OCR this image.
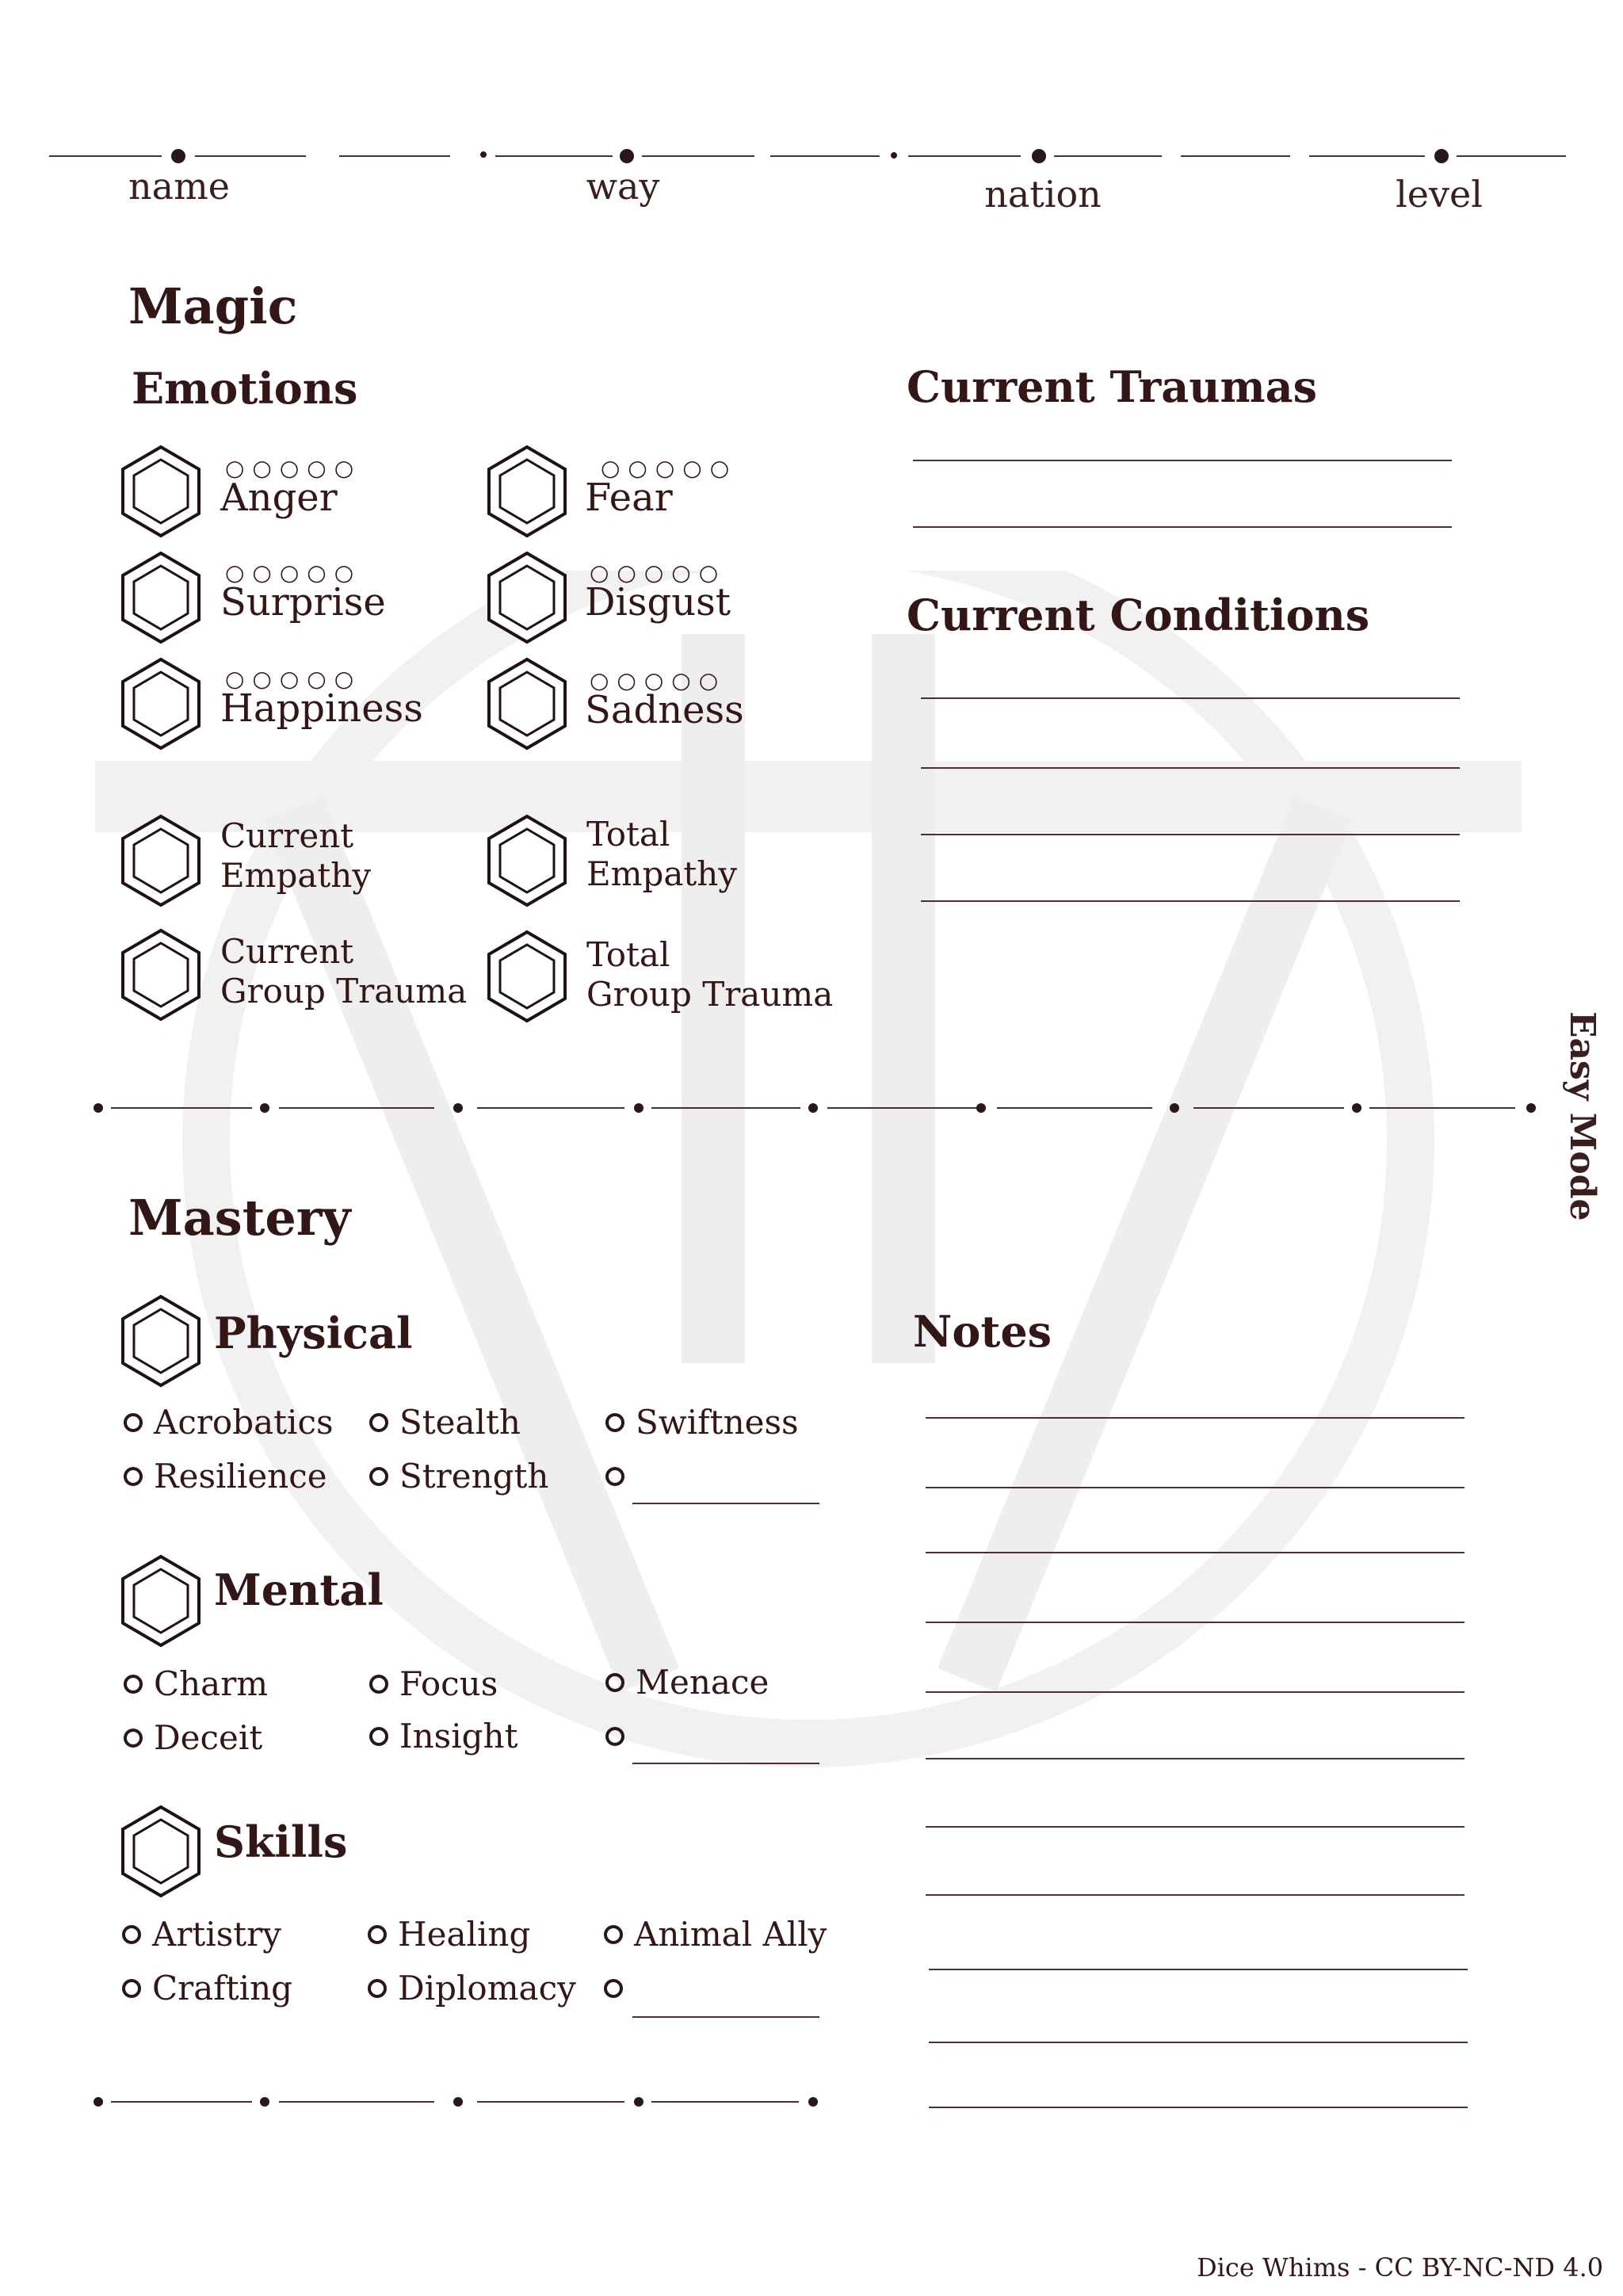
name	way	nation	level
Magic
Emotions
○○○○○
Anger
○○○○○
Fear
○○○○○
Surprise
○○○○○
Disgust
○○○○○
Happiness
○○○○○
Sadness
Current
Empathy
Total
Empathy
Current
Group Trauma
Total
Group Trauma
Current Traumas
Current Conditions
Easy Mode
Mastery
Physical
Acrobatics	Stealth	Swiftness
Resilience	Strength
Mental
Charm	Focus	Menace
Deceit	Insight
Skills
Artistry	Healing	Animal Ally
Crafting	Diplomacy
Notes
Dice Whims - CC BY-NC-ND 4.0
